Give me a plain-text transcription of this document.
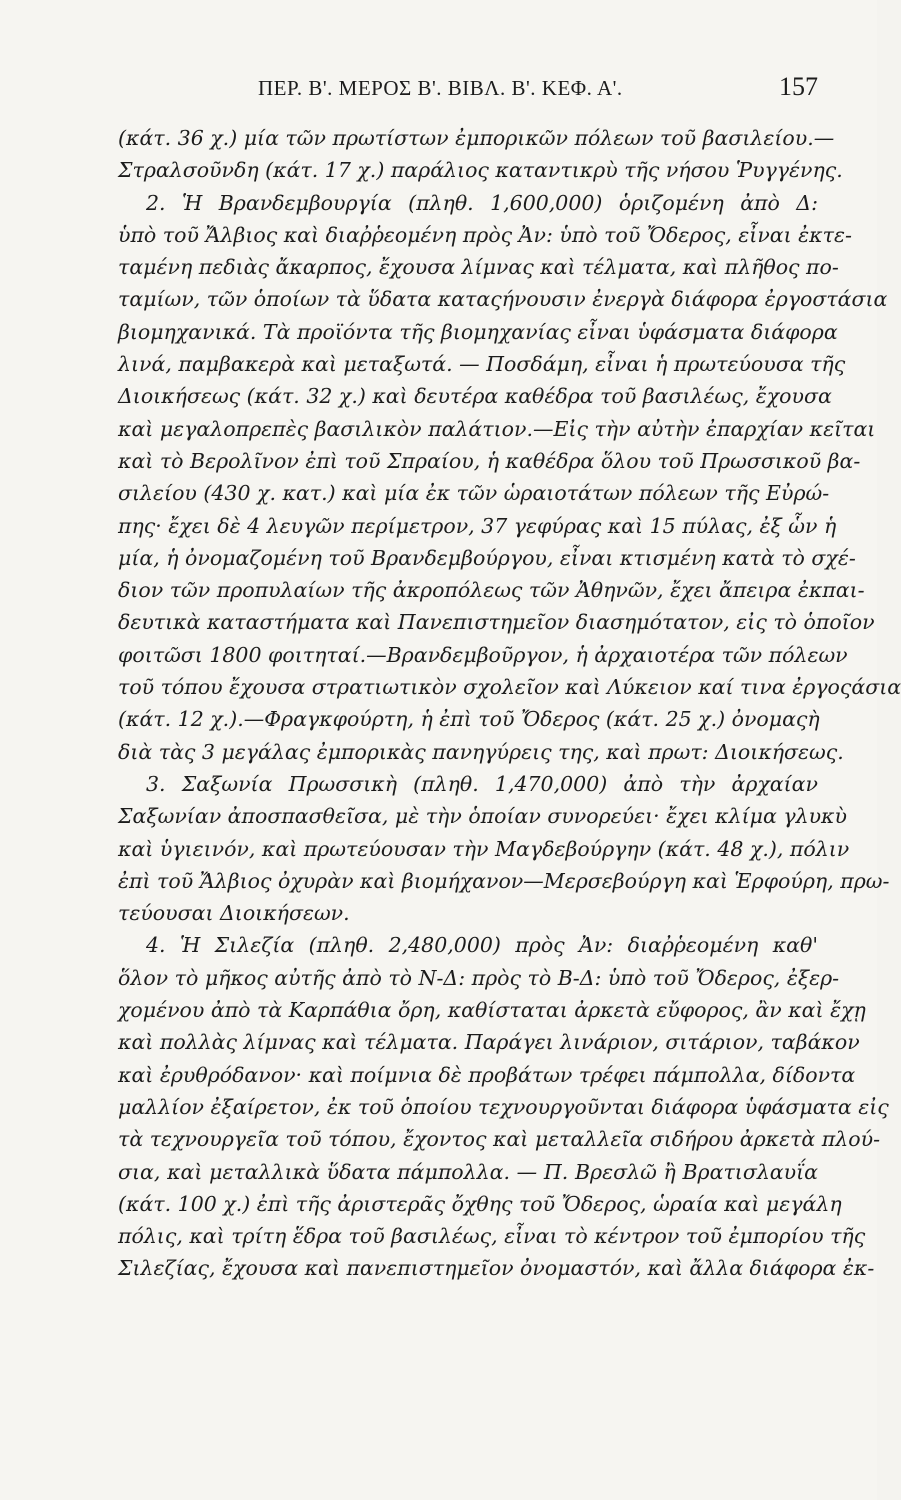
ΠΕΡ. Β'. ΜΕΡΟΣ Β'. ΒΙΒΛ. Β'. ΚΕΦ. Α'.	157
(κάτ. 36 χ.) μία τῶν πρωτίστων ἐμπορικῶν πόλεων τοῦ βασιλείου.—
Στραλσοῦνδη (κάτ. 17 χ.) παράλιος καταντικρὺ τῆς νήσου Ῥυγγένης.
2. Ἡ Βρανδεμβουργία (πληθ. 1,600,000) ὁριζομένη ἀπὸ Δ:
ὑπὸ τοῦ Ἄλβιος καὶ διαῤῥεομένη πρὸς Ἀν: ὑπὸ τοῦ Ὄδερος, εἶναι ἐκτε-
ταμένη πεδιὰς ἄκαρπος, ἔχουσα λίμνας καὶ τέλματα, καὶ πλῆθος πο-
ταμίων, τῶν ὁποίων τὰ ὕδατα καταςήνουσιν ἐνεργὰ διάφορα ἐργοστάσια
βιομηχανικά. Τὰ προϊόντα τῆς βιομηχανίας εἶναι ὑφάσματα διάφορα
λινά, παμβακερὰ καὶ μεταξωτά. — Ποσδάμη, εἶναι ἡ πρωτεύουσα τῆς
Διοικήσεως (κάτ. 32 χ.) καὶ δευτέρα καθέδρα τοῦ βασιλέως, ἔχουσα
καὶ μεγαλοπρεπὲς βασιλικὸν παλάτιον.—Εἰς τὴν αὐτὴν ἐπαρχίαν κεῖται
καὶ τὸ Βερολῖνον ἐπὶ τοῦ Σπραίου, ἡ καθέδρα ὅλου τοῦ Πρωσσικοῦ βα-
σιλείου (430 χ. κατ.) καὶ μία ἐκ τῶν ὡραιοτάτων πόλεων τῆς Εὐρώ-
πης· ἔχει δὲ 4 λευγῶν περίμετρον, 37 γεφύρας καὶ 15 πύλας, ἐξ ὧν ἡ
μία, ἡ ὀνομαζομένη τοῦ Βρανδεμβούργου, εἶναι κτισμένη κατὰ τὸ σχέ-
διον τῶν προπυλαίων τῆς ἀκροπόλεως τῶν Ἀθηνῶν, ἔχει ἄπειρα ἐκπαι-
δευτικὰ καταστήματα καὶ Πανεπιστημεῖον διασημότατον, εἰς τὸ ὁποῖον
φοιτῶσι 1800 φοιτηταί.—Βρανδεμβοῦργον, ἡ ἀρχαιοτέρα τῶν πόλεων
τοῦ τόπου ἔχουσα στρατιωτικὸν σχολεῖον καὶ Λύκειον καί τινα ἐργοςάσια
(κάτ. 12 χ.).—Φραγκφούρτη, ἡ ἐπὶ τοῦ Ὄδερος (κάτ. 25 χ.) ὀνομαςὴ
διὰ τὰς 3 μεγάλας ἐμπορικὰς πανηγύρεις της, καὶ πρωτ: Διοικήσεως.
3. Σαξωνία Πρωσσικὴ (πληθ. 1,470,000) ἀπὸ τὴν ἀρχαίαν
Σαξωνίαν ἀποσπασθεῖσα, μὲ τὴν ὁποίαν συνορεύει· ἔχει κλίμα γλυκὺ
καὶ ὑγιεινόν, καὶ πρωτεύουσαν τὴν Μαγδεβούργην (κάτ. 48 χ.), πόλιν
ἐπὶ τοῦ Ἄλβιος ὀχυρὰν καὶ βιομήχανον—Μερσεβούργη καὶ Ἑρφούρη, πρω-
τεύουσαι Διοικήσεων.
4. Ἡ Σιλεζία (πληθ. 2,480,000) πρὸς Ἀν: διαῤῥεομένη καθ'
ὅλον τὸ μῆκος αὐτῆς ἀπὸ τὸ Ν-Δ: πρὸς τὸ Β-Δ: ὑπὸ τοῦ Ὄδερος, ἐξερ-
χομένου ἀπὸ τὰ Καρπάθια ὄρη, καθίσταται ἀρκετὰ εὔφορος, ἂν καὶ ἔχῃ
καὶ πολλὰς λίμνας καὶ τέλματα. Παράγει λινάριον, σιτάριον, ταβάκον
καὶ ἐρυθρόδανον· καὶ ποίμνια δὲ προβάτων τρέφει πάμπολλα, δίδοντα
μαλλίον ἐξαίρετον, ἐκ τοῦ ὁποίου τεχνουργοῦνται διάφορα ὑφάσματα εἰς
τὰ τεχνουργεῖα τοῦ τόπου, ἔχοντος καὶ μεταλλεῖα σιδήρου ἀρκετὰ πλού-
σια, καὶ μεταλλικὰ ὕδατα πάμπολλα. — Π. Βρεσλῶ ἢ Βρατισλαυΐα
(κάτ. 100 χ.) ἐπὶ τῆς ἀριστερᾶς ὄχθης τοῦ Ὄδερος, ὡραία καὶ μεγάλη
πόλις, καὶ τρίτη ἕδρα τοῦ βασιλέως, εἶναι τὸ κέντρον τοῦ ἐμπορίου τῆς
Σιλεζίας, ἔχουσα καὶ πανεπιστημεῖον ὀνομαστόν, καὶ ἄλλα διάφορα ἐκ-
